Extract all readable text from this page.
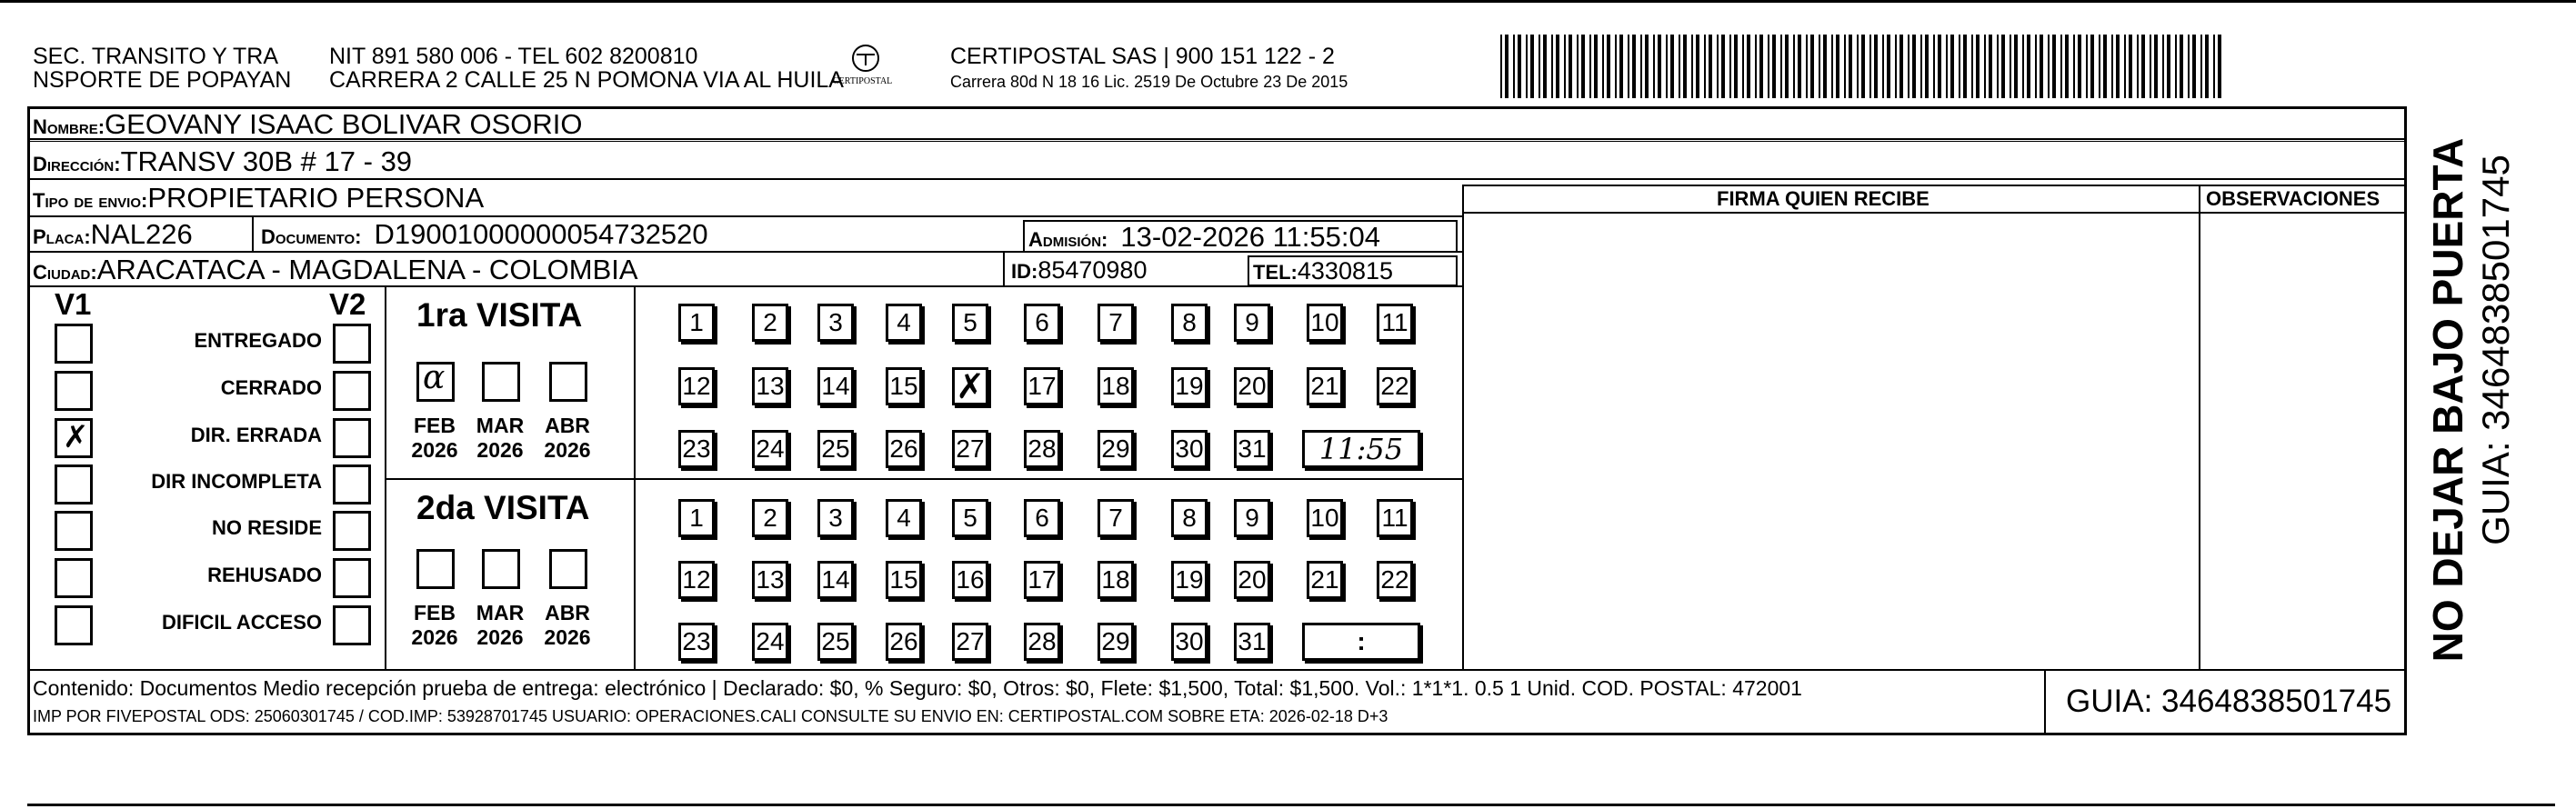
SEC. TRANSITO Y TRA
NSPORTE DE POPAYAN
NIT 891 580 006 - TEL 602 8200810
CARRERA 2 CALLE 25 N POMONA VIA AL HUILA
CERTIPOSTAL
CERTIPOSTAL SAS | 900 151 122 - 2
Carrera 80d N 18 16 Lic. 2519 De Octubre 23 De 2015
FIRMA QUIEN RECIBE	OBSERVACIONES
Nombre:GEOVANY ISAAC BOLIVAR OSORIO
Dirección:TRANSV 30B # 17 - 39
Tipo de envio:PROPIETARIO PERSONA
Placa:NAL226	Documento: D19001000000054732520	Admisión: 13-02-2026 11:55:04
Ciudad:ARACATACA - MAGDALENA - COLOMBIA	ID:85470980	TEL:4330815
V1	V2
ENTREGADO
CERRADO
✗	DIR. ERRADA
DIR INCOMPLETA
NO RESIDE
REHUSADO
DIFICIL ACCESO
1ra VISITA
2da VISITA
α
FEB
2026
MAR
2026
ABR
2026
FEB
2026
MAR
2026
ABR
2026
1 2 3 4 5 6 7 8 9 10 11
12 13 14 15 ✗ 17 18 19 20 21 22
23 24 25 26 27 28 29 30 31 11:55
1 2 3 4 5 6 7 8 9 10 11
12 13 14 15 16 17 18 19 20 21 22
23 24 25 26 27 28 29 30 31	:
Contenido: Documentos Medio recepción prueba de entrega: electrónico | Declarado: $0, % Seguro: $0, Otros: $0, Flete: $1,500, Total: $1,500. Vol.: 1*1*1. 0.5 1 Unid. COD. POSTAL: 472001
IMP POR FIVEPOSTAL ODS: 25060301745 / COD.IMP: 53928701745 USUARIO: OPERACIONES.CALI CONSULTE SU ENVIO EN: CERTIPOSTAL.COM SOBRE ETA: 2026-02-18 D+3	GUIA: 3464838501745
NO DEJAR BAJO PUERTA GUIA: 3464838501745
